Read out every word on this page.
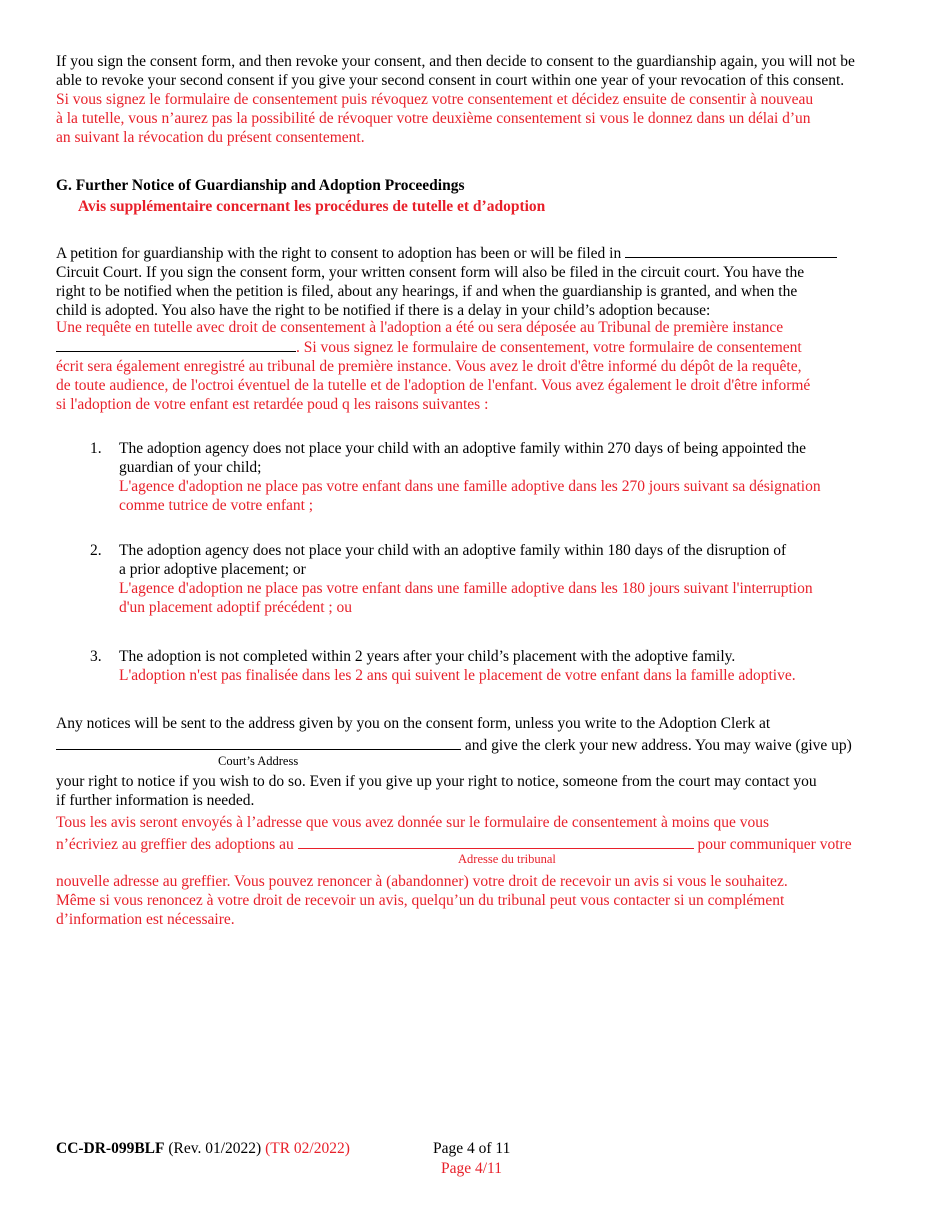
If you sign the consent form, and then revoke your consent, and then decide to consent to the guardianship again, you will not be
able to revoke your second consent if you give your second consent in court within one year of your revocation of this consent.
Si vous signez le formulaire de consentement puis révoquez votre consentement et décidez ensuite de consentir à nouveau
à la tutelle, vous n’aurez pas la possibilité de révoquer votre deuxième consentement si vous le donnez dans un délai d’un
an suivant la révocation du présent consentement.
G. Further Notice of Guardianship and Adoption Proceedings
Avis supplémentaire concernant les procédures de tutelle et d’adoption
A petition for guardianship with the right to consent to adoption has been or will be filed in
Circuit Court. If you sign the consent form, your written consent form will also be filed in the circuit court. You have the
right to be notified when the petition is filed, about any hearings, if and when the guardianship is granted, and when the
child is adopted. You also have the right to be notified if there is a delay in your child’s adoption because:
Une requête en tutelle avec droit de consentement à l'adoption a été ou sera déposée au Tribunal de première instance
. Si vous signez le formulaire de consentement, votre formulaire de consentement
écrit sera également enregistré au tribunal de première instance. Vous avez le droit d'être informé du dépôt de la requête,
de toute audience, de l'octroi éventuel de la tutelle et de l'adoption de l'enfant. Vous avez également le droit d'être informé
si l'adoption de votre enfant est retardée poud q les raisons suivantes :
1. The adoption agency does not place your child with an adoptive family within 270 days of being appointed the
guardian of your child;
L'agence d'adoption ne place pas votre enfant dans une famille adoptive dans les 270 jours suivant sa désignation
comme tutrice de votre enfant ;
2. The adoption agency does not place your child with an adoptive family within 180 days of the disruption of
a prior adoptive placement; or
L'agence d'adoption ne place pas votre enfant dans une famille adoptive dans les 180 jours suivant l'interruption
d'un placement adoptif précédent ; ou
3. The adoption is not completed within 2 years after your child’s placement with the adoptive family.
L'adoption n'est pas finalisée dans les 2 ans qui suivent le placement de votre enfant dans la famille adoptive.
Any notices will be sent to the address given by you on the consent form, unless you write to the Adoption Clerk at
and give the clerk your new address. You may waive (give up)
Court’s Address
your right to notice if you wish to do so. Even if you give up your right to notice, someone from the court may contact you
if further information is needed.
Tous les avis seront envoyés à l’adresse que vous avez donnée sur le formulaire de consentement à moins que vous
n’écriviez au greffier des adoptions au	pour communiquer votre
Adresse du tribunal
nouvelle adresse au greffier. Vous pouvez renoncer à (abandonner) votre droit de recevoir un avis si vous le souhaitez.
Même si vous renoncez à votre droit de recevoir un avis, quelqu’un du tribunal peut vous contacter si un complément
d’information est nécessaire.
CC-DR-099BLF (Rev. 01/2022) (TR 02/2022)	Page 4 of 11
Page 4/11
